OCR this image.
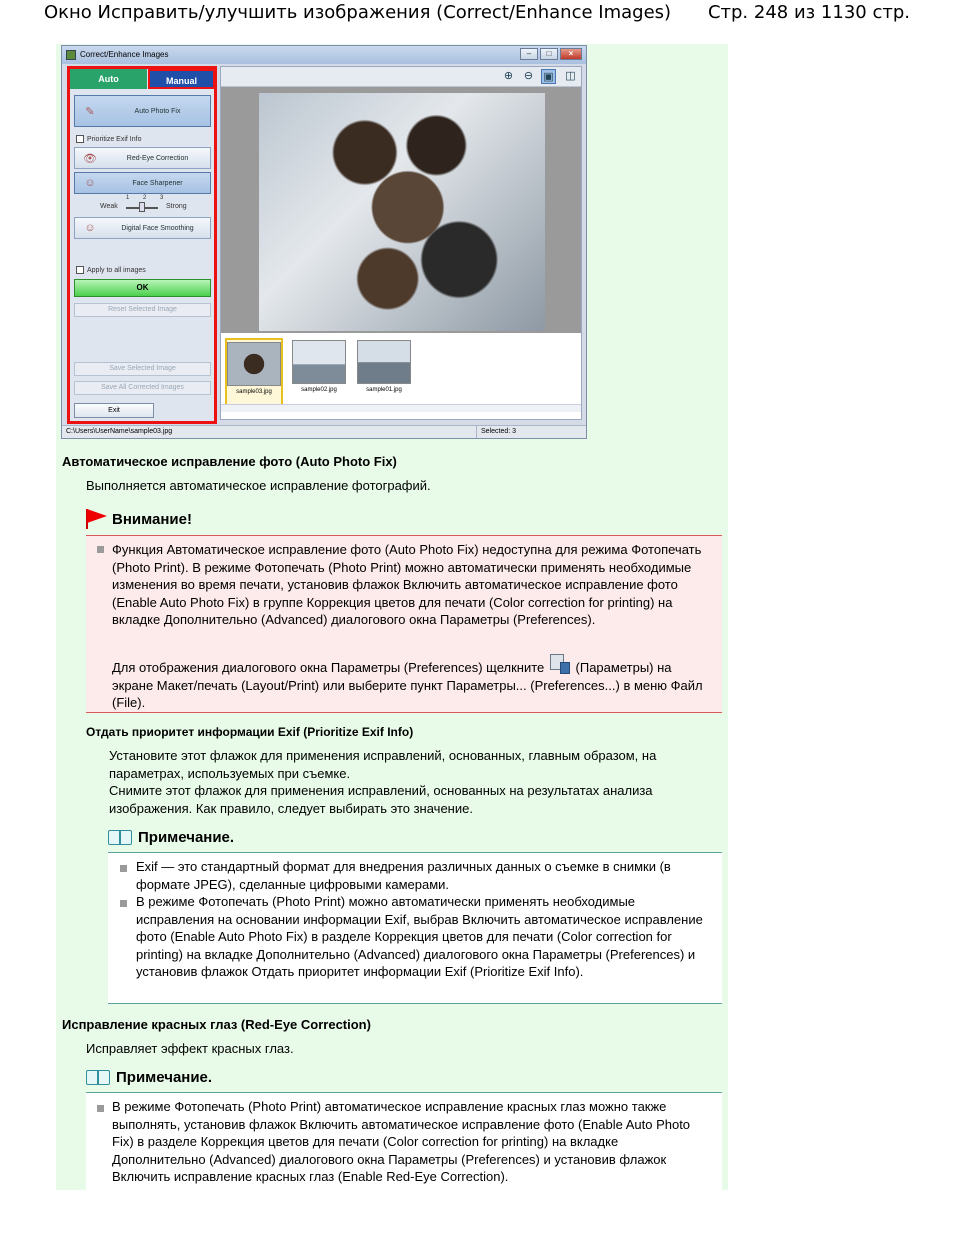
Окно Исправить/улучшить изображения (Correct/Enhance Images) Стр. 248 из 1130 стр.
Correct/Enhance Images	–	□	×
Auto	Manual
✎	Auto Photo Fix
Prioritize Exif Info
👁	Red-Eye Correction
☺	Face Sharpener
Weak
1 2 3
Strong
☺	Digital Face Smoothing
Apply to all images
OK
Reset Selected Image
Save Selected Image
Save All Corrected Images
Exit
⊕ ⊖ ▣ ◫
sample03.jpg	sample02.jpg	sample01.jpg
C:\Users\UserName\sample03.jpg	Selected: 3
Автоматическое исправление фото (Auto Photo Fix)
Выполняется автоматическое исправление фотографий.
Внимание!
Функция Автоматическое исправление фото (Auto Photo Fix) недоступна для режима Фотопечать (Photo Print). В режиме Фотопечать (Photo Print) можно автоматически применять необходимые изменения во время печати, установив флажок Включить автоматическое исправление фото (Enable Auto Photo Fix) в группе Коррекция цветов для печати (Color correction for printing) на вкладке Дополнительно (Advanced) диалогового окна Параметры (Preferences).
Для отображения диалогового окна Параметры (Preferences) щелкните (Параметры) на экране Макет/печать (Layout/Print) или выберите пункт Параметры... (Preferences...) в меню Файл (File).
Отдать приоритет информации Exif (Prioritize Exif Info)
Установите этот флажок для применения исправлений, основанных, главным образом, на параметрах, используемых при съемке.
Снимите этот флажок для применения исправлений, основанных на результатах анализа изображения. Как правило, следует выбирать это значение.
Примечание.
Exif — это стандартный формат для внедрения различных данных о съемке в снимки (в формате JPEG), сделанные цифровыми камерами.
В режиме Фотопечать (Photo Print) можно автоматически применять необходимые исправления на основании информации Exif, выбрав Включить автоматическое исправление фото (Enable Auto Photo Fix) в разделе Коррекция цветов для печати (Color correction for printing) на вкладке Дополнительно (Advanced) диалогового окна Параметры (Preferences) и установив флажок Отдать приоритет информации Exif (Prioritize Exif Info).
Исправление красных глаз (Red-Eye Correction)
Исправляет эффект красных глаз.
Примечание.
В режиме Фотопечать (Photo Print) автоматическое исправление красных глаз можно также выполнять, установив флажок Включить автоматическое исправление фото (Enable Auto Photo Fix) в разделе Коррекция цветов для печати (Color correction for printing) на вкладке Дополнительно (Advanced) диалогового окна Параметры (Preferences) и установив флажок Включить исправление красных глаз (Enable Red-Eye Correction).
